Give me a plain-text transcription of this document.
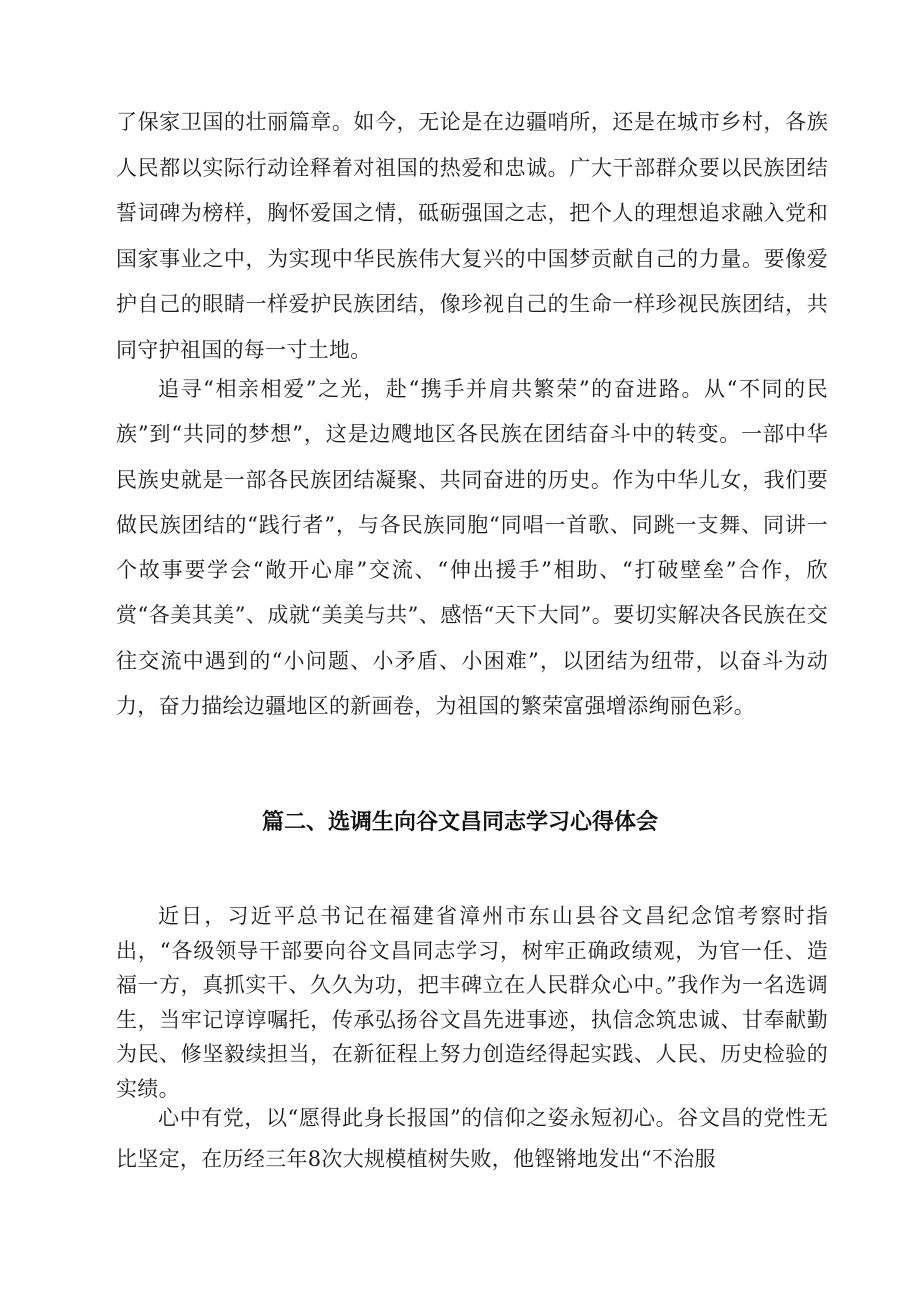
了保家卫国的壮丽篇章。如今，无论是在边疆哨所，还是在城市乡村，各族人民都以实际行动诠释着对祖国的热爱和忠诚。广大干部群众要以民族团结誓词碑为榜样，胸怀爱国之情，砥砺强国之志，把个人的理想追求融入党和国家事业之中，为实现中华民族伟大复兴的中国梦贡献自己的力量。要像爱护自己的眼睛一样爱护民族团结，像珍视自己的生命一样珍视民族团结，共同守护祖国的每一寸土地。

追寻“相亲相爱”之光，赴“携手并肩共繁荣”的奋进路。从“不同的民族”到“共同的梦想”，这是边飕地区各民族在团结奋斗中的转变。一部中华民族史就是一部各民族团结凝聚、共同奋进的历史。作为中华儿女，我们要做民族团结的“践行者”，与各民族同胞“同唱一首歌、同跳一支舞、同讲一个故事要学会“敞开心扉”交流、“伸出援手”相助、“打破壁垒”合作，欣赏“各美其美”、成就“美美与共”、感悟“天下大同”。要切实解决各民族在交往交流中遇到的“小问题、小矛盾、小困难”，以团结为纽带，以奋斗为动力，奋力描绘边疆地区的新画卷，为祖国的繁荣富强增添绚丽色彩。

篇二、选调生向谷文昌同志学习心得体会

近日，习近平总书记在福建省漳州市东山县谷文昌纪念馆考察时指出，“各级领导干部要向谷文昌同志学习，树牢正确政绩观，为官一任、造福一方，真抓实干、久久为功，把丰碑立在人民群众心中。”我作为一名选调生，当牢记谆谆嘱托，传承弘扬谷文昌先进事迹，执信念筑忠诚、甘奉献勤为民、修坚毅续担当，在新征程上努力创造经得起实践、人民、历史检验的实绩。

心中有党，以“愿得此身长报国”的信仰之姿永短初心。谷文昌的党性无比坚定，在历经三年8次大规模植树失败，他铿锵地发出“不治服
